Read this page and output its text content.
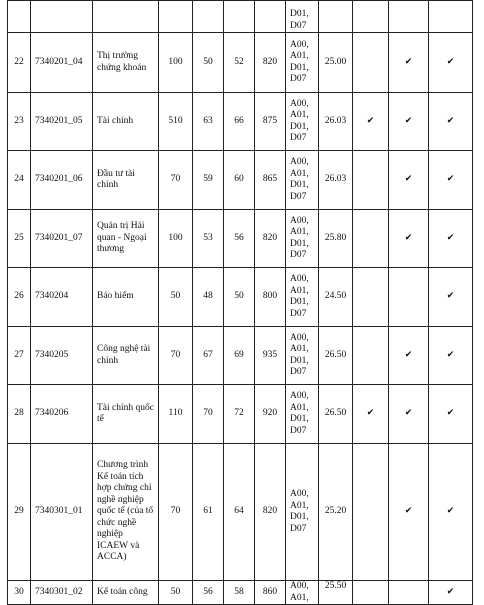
							D01,
D07				

22	7340201_04	Thị trường chứng khoán	100	50	52	820	A00,
A01,
D01,
D07	25.00		✔	✔
23	7340201_05	Tài chính	510	63	66	875	A00,
A01,
D01,
D07	26.03	✔	✔	✔
24	7340201_06	Đầu tư tài chính	70	59	60	865	A00,
A01,
D01,
D07	26.03		✔	✔
25	7340201_07	Quản trị Hải quan - Ngoại thương	100	53	56	820	A00,
A01,
D01,
D07	25.80		✔	✔
26	7340204	Bảo hiểm	50	48	50	800	A00,
A01,
D01,
D07	24.50			✔
27	7340205	Công nghệ tài chính	70	67	69	935	A00,
A01,
D01,
D07	26.50		✔	✔
28	7340206	Tài chính quốc tế	110	70	72	920	A00,
A01,
D01,
D07	26.50	✔	✔	✔
29	7340301_01	Chương trình Kế toán tích hợp chứng chỉ nghề nghiệp quốc tế (của tổ chức nghề nghiệp ICAEW và ACCA)	70	61	64	820	A00,
A01,
D01,
D07	25.20		✔	✔
30	7340301_02	Kế toán công	50	56	58	860	A00,
A01,	25.50			✔
